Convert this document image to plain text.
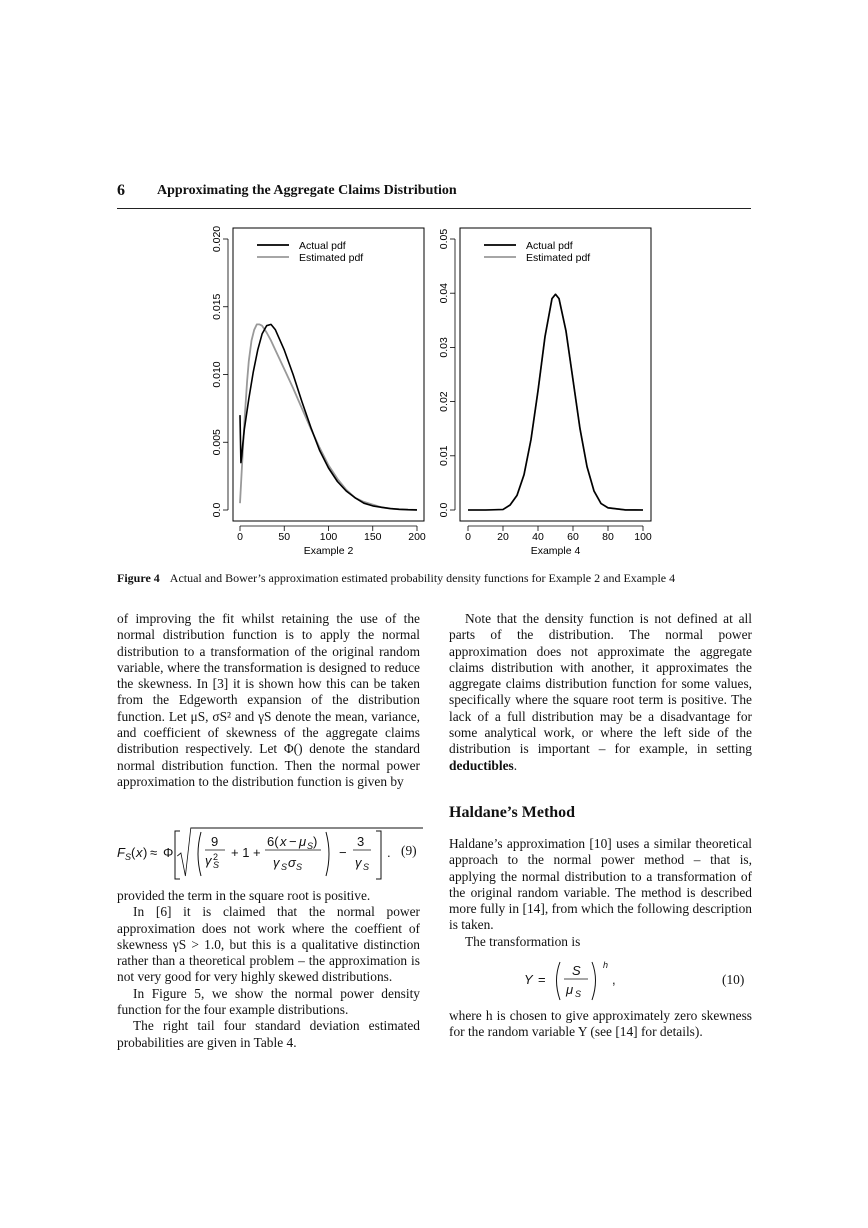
6 Approximating the Aggregate Claims Distribution
0	50	100	150	200
0.0
0.005
0.010
0.015
0.020
Example 2
Actual pdf
Estimated pdf
0 20 40 60 80 100
0.0
0.01
0.02
0.03
0.04
0.05
Example 4
Actual pdf
Estimated pdf
Figure 4 Actual and Bower’s approximation estimated probability density functions for Example 2 and Example 4

of improving the fit whilst retaining the use of the normal distribution function is to apply the normal distribution to a transformation of the original random variable, where the transformation is designed to reduce the skewness. In [3] it is shown how this can be taken from the Edgeworth expansion of the distribution function. Let μS, σS² and γS denote the mean, variance, and coefficient of skewness of the aggregate claims distribution respectively. Let Φ() denote the standard normal distribution function. Then the normal power approximation to the distribution function is given by

F S ( x ) ≈ Φ
9
γ S
2 + 1 +
6( x − μ S )
γ S σ S
−
3
γ S
. (9)

provided the term in the square root is positive.

In [6] it is claimed that the normal power approximation does not work where the coeffient of skewness γS > 1.0, but this is a qualitative distinction rather than a theoretical problem – the approximation is not very good for very highly skewed distributions.

In Figure 5, we show the normal power density function for the four example distributions.

The right tail four standard deviation estimated probabilities are given in Table 4.

Note that the density function is not defined at all parts of the distribution. The normal power approximation does not approximate the aggregate claims distribution with another, it approximates the aggregate claims distribution function for some values, specifically where the square root term is positive. The lack of a full distribution may be a disadvantage for some analytical work, or where the left side of the distribution is important – for example, in setting deductibles.

Haldane’s Method

Haldane’s approximation [10] uses a similar theoretical approach to the normal power method – that is, applying the normal distribution to a transformation of the original random variable. The method is described more fully in [14], from which the following description is taken.

The transformation is

Y =
S
μ S
h
,	(10)

where h is chosen to give approximately zero skewness for the random variable Y (see [14] for details).
